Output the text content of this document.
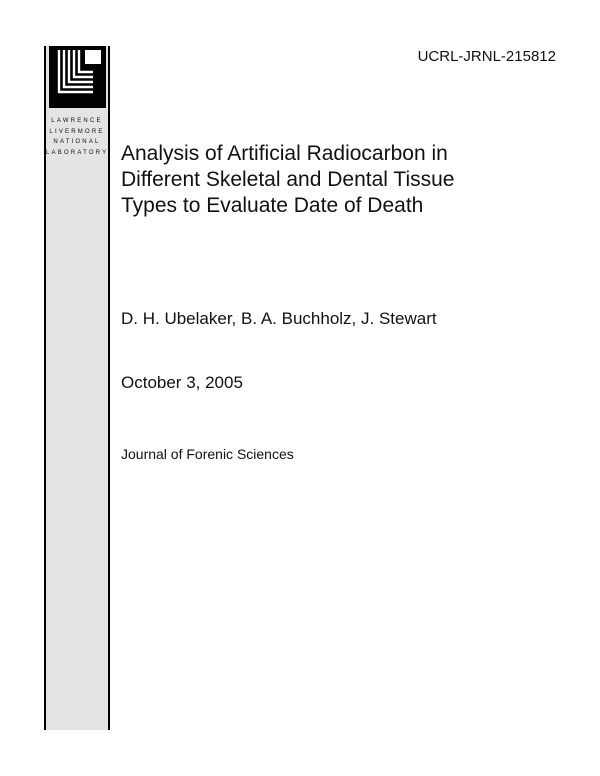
LAWRENCE
LIVERMORE
NATIONAL
LABORATORY
UCRL-JRNL-215812
Analysis of Artificial Radiocarbon in
Different Skeletal and Dental Tissue
Types to Evaluate Date of Death
D. H. Ubelaker, B. A. Buchholz, J. Stewart
October 3, 2005
Journal of Forenic Sciences
